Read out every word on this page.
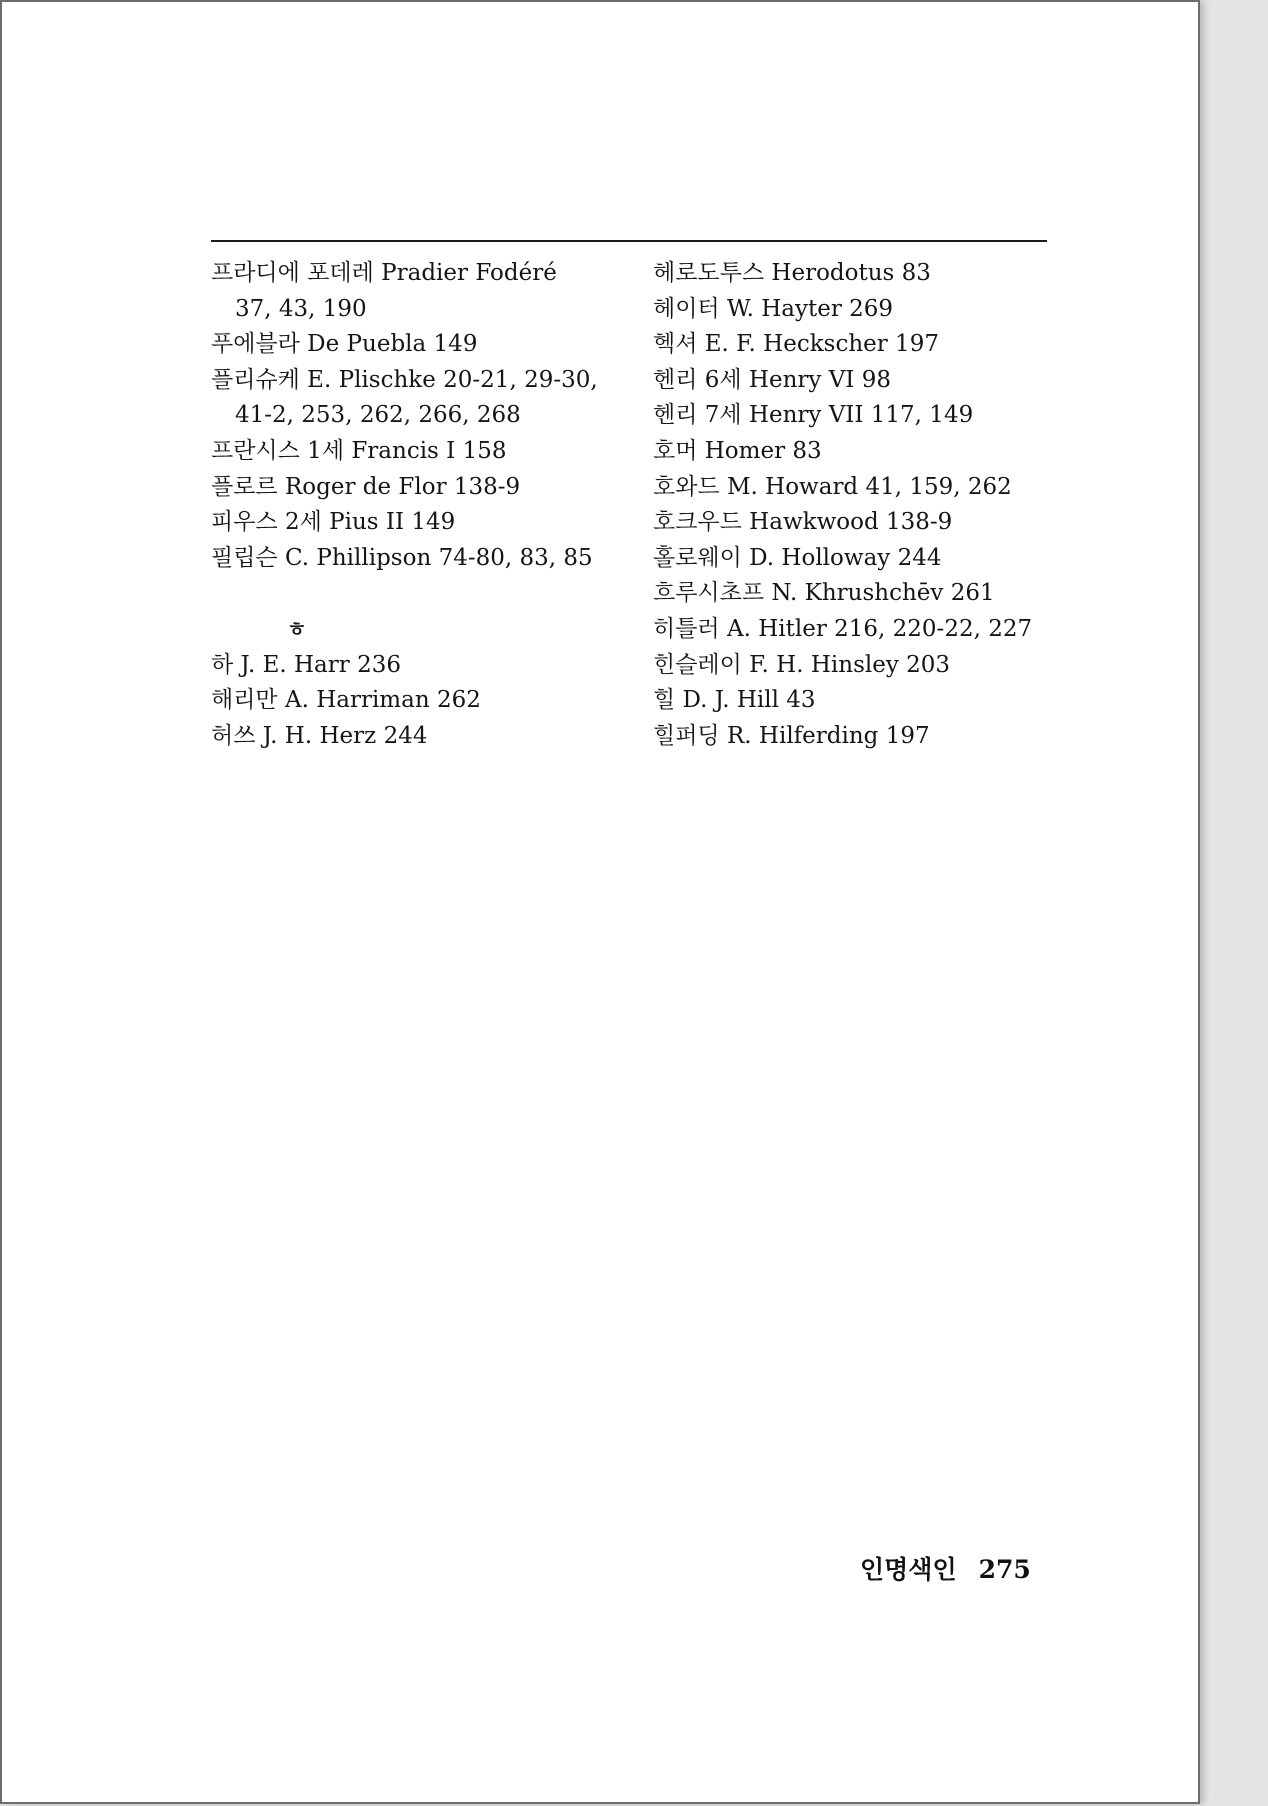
프라디에 포데레 Pradier Fodéré
37, 43, 190
푸에블라 De Puebla 149
플리슈케 E. Plischke 20-21, 29-30,
41-2, 253, 262, 266, 268
프란시스 1세 Francis I 158
플로르 Roger de Flor 138-9
피우스 2세 Pius II 149
필립슨 C. Phillipson 74-80, 83, 85
ㅎ
하 J. E. Harr 236
해리만 A. Harriman 262
허쓰 J. H. Herz 244
헤로도투스 Herodotus 83
헤이터 W. Hayter 269
헥셔 E. F. Heckscher 197
헨리 6세 Henry VI 98
헨리 7세 Henry VII 117, 149
호머 Homer 83
호와드 M. Howard 41, 159, 262
호크우드 Hawkwood 138-9
홀로웨이 D. Holloway 244
흐루시초프 N. Khrushchēv 261
히틀러 A. Hitler 216, 220-22, 227
힌슬레이 F. H. Hinsley 203
힐 D. J. Hill 43
힐퍼딩 R. Hilferding 197
인명색인 275
